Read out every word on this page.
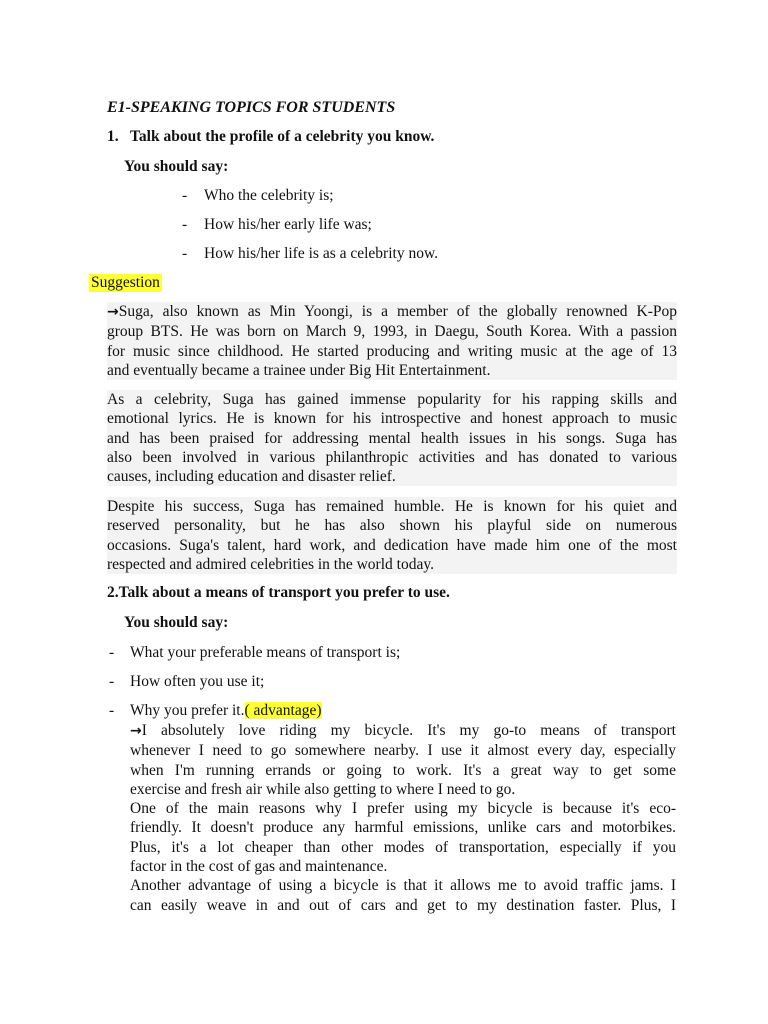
E1-SPEAKING TOPICS FOR STUDENTS
1. Talk about the profile of a celebrity you know.
You should say:
- Who the celebrity is;
- How his/her early life was;
- How his/her life is as a celebrity now.
Suggestion
→Suga, also known as Min Yoongi, is a member of the globally renowned K-Pop
group BTS. He was born on March 9, 1993, in Daegu, South Korea. With a passion
for music since childhood. He started producing and writing music at the age of 13
and eventually became a trainee under Big Hit Entertainment.
As a celebrity, Suga has gained immense popularity for his rapping skills and
emotional lyrics. He is known for his introspective and honest approach to music
and has been praised for addressing mental health issues in his songs. Suga has
also been involved in various philanthropic activities and has donated to various
causes, including education and disaster relief.
Despite his success, Suga has remained humble. He is known for his quiet and
reserved personality, but he has also shown his playful side on numerous
occasions. Suga's talent, hard work, and dedication have made him one of the most
respected and admired celebrities in the world today.
2.Talk about a means of transport you prefer to use.
You should say:
- What your preferable means of transport is;
- How often you use it;
- Why you prefer it.( advantage)
→I absolutely love riding my bicycle. It's my go-to means of transport
whenever I need to go somewhere nearby. I use it almost every day, especially
when I'm running errands or going to work. It's a great way to get some
exercise and fresh air while also getting to where I need to go.
One of the main reasons why I prefer using my bicycle is because it's eco-
friendly. It doesn't produce any harmful emissions, unlike cars and motorbikes.
Plus, it's a lot cheaper than other modes of transportation, especially if you
factor in the cost of gas and maintenance.
Another advantage of using a bicycle is that it allows me to avoid traffic jams. I
can easily weave in and out of cars and get to my destination faster. Plus, I
